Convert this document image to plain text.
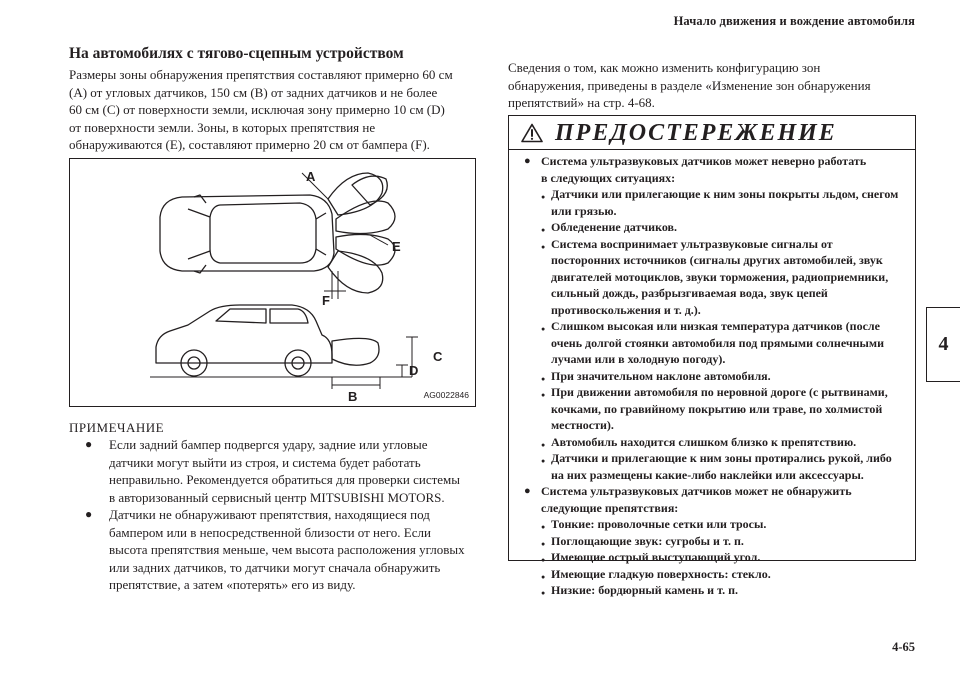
Начало движения и вождение автомобиля
4
4-65
На автомобилях с тягово-сцепным устройством
Размеры зоны обнаружения препятствия составляют примерно 60 см
(A) от угловых датчиков, 150 см (B) от задних датчиков и не более
60 см (C) от поверхности земли, исключая зону примерно 10 см (D)
от поверхности земли. Зоны, в которых препятствия не
обнаруживаются (E), составляют примерно 20 см от бампера (F).
A
B
C
D
E
F
AG0022846
ПРИМЕЧАНИЕ
● Если задний бампер подвергся удару, задние или угловые
датчики могут выйти из строя, и система будет работать
неправильно. Рекомендуется обратиться для проверки системы
в авторизованный сервисный центр MITSUBISHI MOTORS.
● Датчики не обнаруживают препятствия, находящиеся под
бампером или в непосредственной близости от него. Если
высота препятствия меньше, чем высота расположения угловых
или задних датчиков, то датчики могут сначала обнаружить
препятствие, а затем «потерять» его из виду.
Сведения о том, как можно изменить конфигурацию зон
обнаружения, приведены в разделе «Изменение зон обнаружения
препятствий» на стр. 4-68.
ПРЕДОСТЕРЕЖЕНИЕ
● Система ультразвуковых датчиков может неверно работать
в следующих ситуациях:
● Датчики или прилегающие к ним зоны покрыты льдом, снегом
или грязью.
● Обледенение датчиков.
● Система воспринимает ультразвуковые сигналы от
посторонних источников (сигналы других автомобилей, звук
двигателей мотоциклов, звуки торможения, радиоприемники,
сильный дождь, разбрызгиваемая вода, звук цепей
противоскольжения и т. д.).
● Слишком высокая или низкая температура датчиков (после
очень долгой стоянки автомобиля под прямыми солнечными
лучами или в холодную погоду).
● При значительном наклоне автомобиля.
● При движении автомобиля по неровной дороге (с рытвинами,
кочками, по гравийному покрытию или траве, по холмистой
местности).
● Автомобиль находится слишком близко к препятствию.
● Датчики и прилегающие к ним зоны протирались рукой, либо
на них размещены какие-либо наклейки или аксессуары.
● Система ультразвуковых датчиков может не обнаружить
следующие препятствия:
● Тонкие: проволочные сетки или тросы.
● Поглощающие звук: сугробы и т. п.
● Имеющие острый выступающий угол.
● Имеющие гладкую поверхность: стекло.
● Низкие: бордюрный камень и т. п.
